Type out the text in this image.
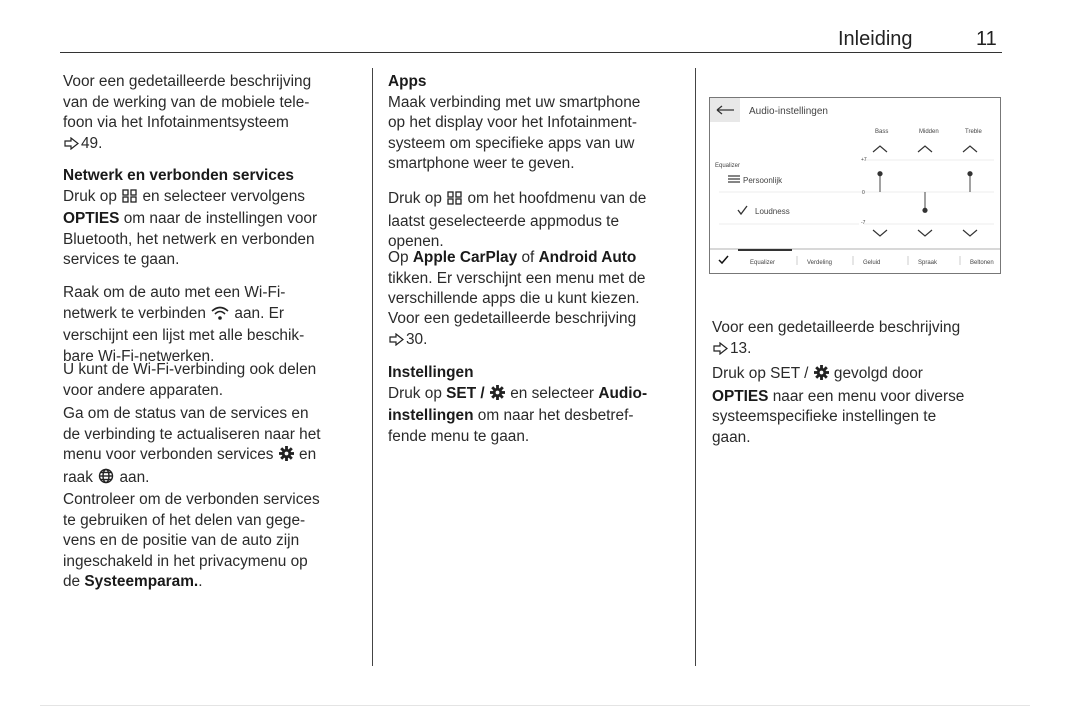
Inleiding	11
Voor een gedetailleerde beschrijving
van de werking van de mobiele tele-
foon via het Infotainmentsysteem
49.
Netwerk en verbonden services
Druk op  en selecteer vervolgens
OPTIES om naar de instellingen voor
Bluetooth, het netwerk en verbonden
services te gaan.
Raak om de auto met een Wi-Fi-
netwerk te verbinden  aan. Er
verschijnt een lijst met alle beschik-
bare Wi-Fi-netwerken.
U kunt de Wi-Fi-verbinding ook delen
voor andere apparaten.
Ga om de status van de services en
de verbinding te actualiseren naar het
menu voor verbonden services  en
raak  aan.
Controleer om de verbonden services
te gebruiken of het delen van gege-
vens en de positie van de auto zijn
ingeschakeld in het privacymenu op
de Systeemparam..
Apps
Maak verbinding met uw smartphone
op het display voor het Infotainment-
systeem om specifieke apps van uw
smartphone weer te geven.
Druk op  om het hoofdmenu van de
laatst geselecteerde appmodus te
openen.
Op Apple CarPlay of Android Auto
tikken. Er verschijnt een menu met de
verschillende apps die u kunt kiezen.
Voor een gedetailleerde beschrijving
30.
Instellingen
Druk op SET /  en selecteer Audio-
instellingen om naar het desbetref-
fende menu te gaan.
Voor een gedetailleerde beschrijving
13.
Druk op SET /  gevolgd door
OPTIES naar een menu voor diverse
systeemspecifieke instellingen te
gaan.
Audio-instellingen
Bass	Midden	Treble
+7
0
-7
Equalizer
Persoonlijk
Loudness
Equalizer	Verdeling	Geluid	Spraak	Beltonen
